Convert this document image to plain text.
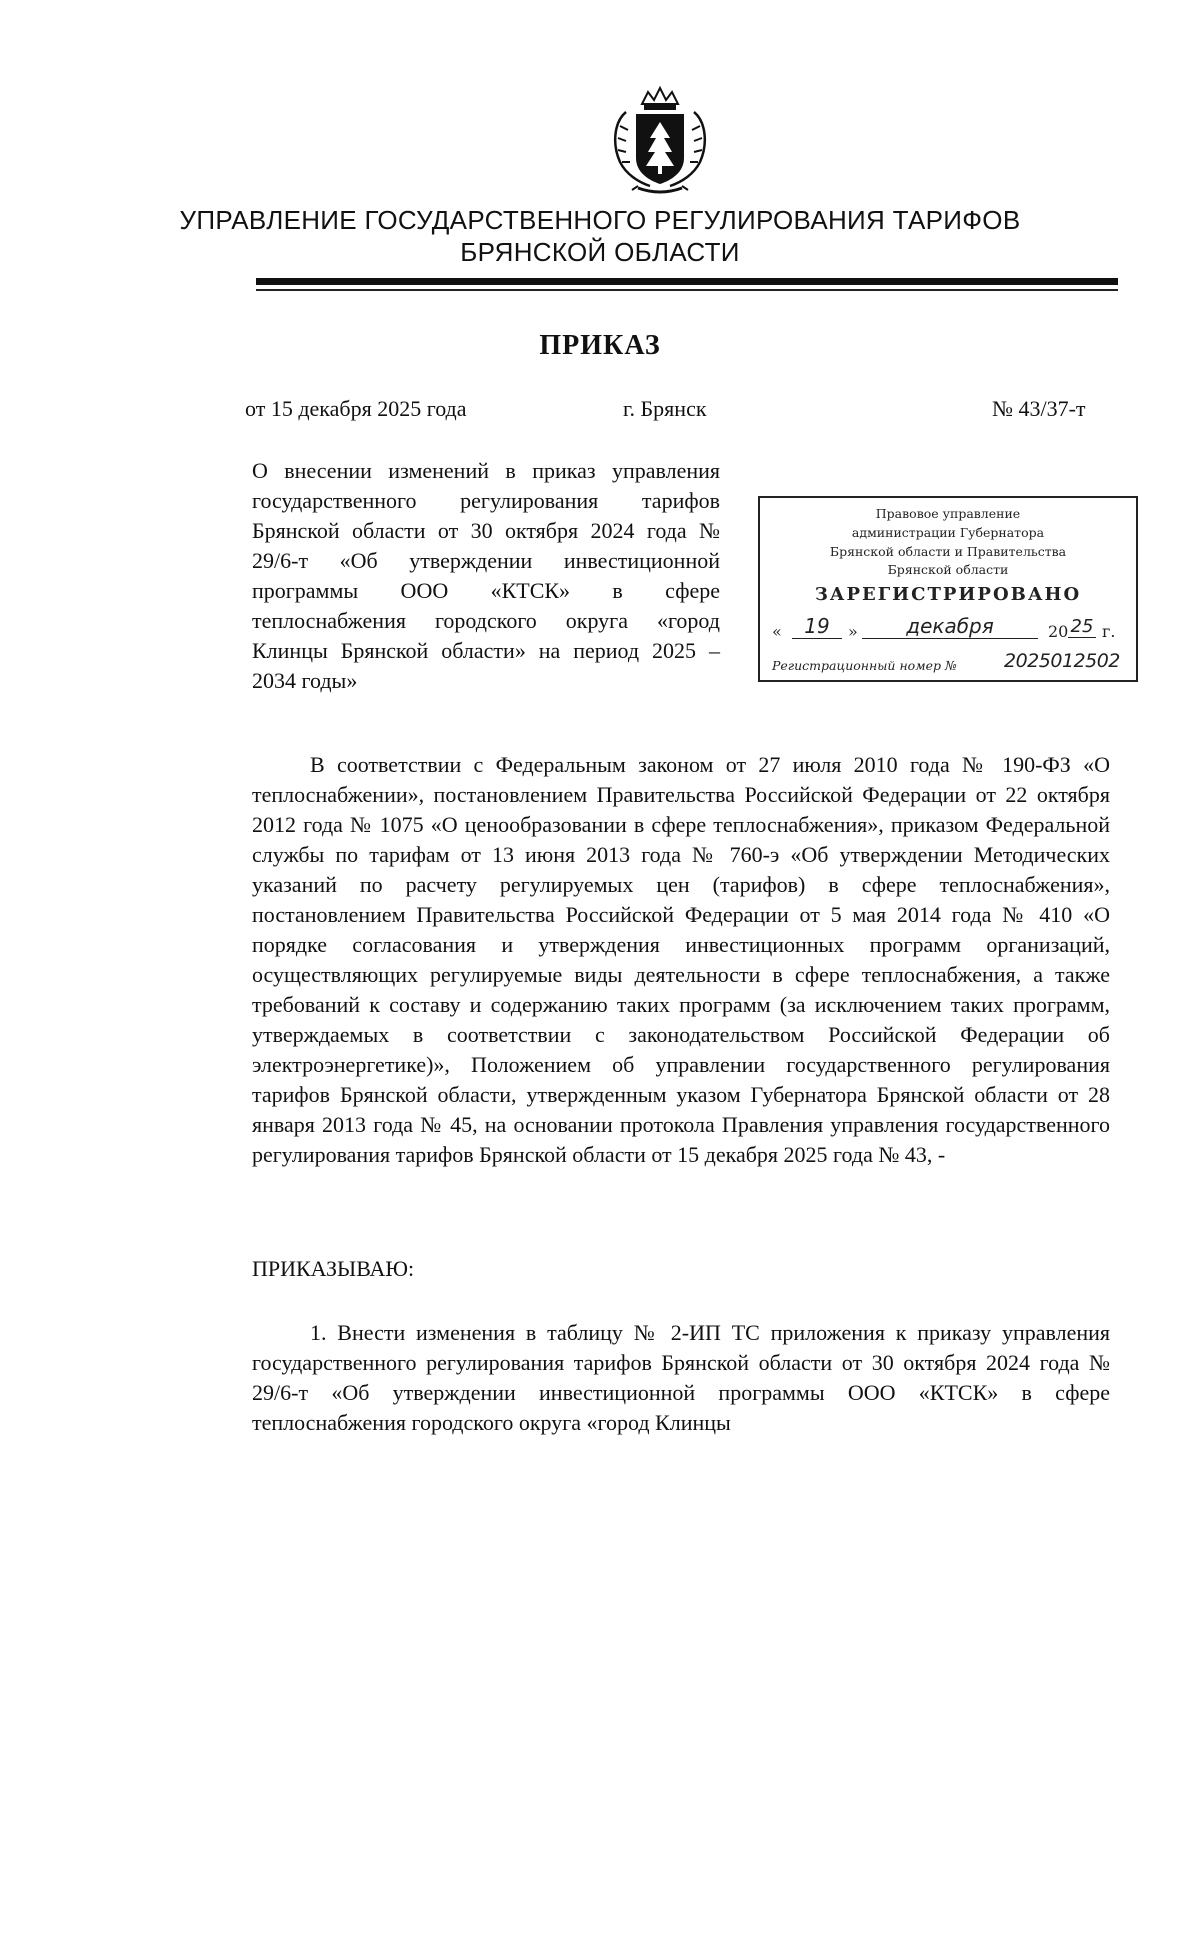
УПРАВЛЕНИЕ ГОСУДАРСТВЕННОГО РЕГУЛИРОВАНИЯ ТАРИФОВ
БРЯНСКОЙ ОБЛАСТИ
ПРИКАЗ
от 15 декабря 2025 года	г. Брянск	№ 43/37-т
О внесении изменений в приказ управления государственного регулирования тарифов Брянской области от 30 октября 2024 года № 29/6-т «Об утверждении инвестиционной программы ООО «КТСК» в сфере теплоснабжения городского округа «город Клинцы Брянской области» на период 2025 – 2034 годы»
Правовое управление
администрации Губернатора
Брянской области и Правительства
Брянской области
ЗАРЕГИСТРИРОВАНО
«	19	»	декабря	20 25 г.
Регистрационный номер № 2025012502
В соответствии с Федеральным законом от 27 июля 2010 года № 190-ФЗ «О теплоснабжении», постановлением Правительства Российской Федерации от 22 октября 2012 года № 1075 «О ценообразовании в сфере теплоснабжения», приказом Федеральной службы по тарифам от 13 июня 2013 года № 760-э «Об утверждении Методических указаний по расчету регулируемых цен (тарифов) в сфере теплоснабжения», постановлением Правительства Российской Федерации от 5 мая 2014 года № 410 «О порядке согласования и утверждения инвестиционных программ организаций, осуществляющих регулируемые виды деятельности в сфере теплоснабжения, а также требований к составу и содержанию таких программ (за исключением таких программ, утверждаемых в соответствии с законодательством Российской Федерации об электроэнергетике)», Положением об управлении государственного регулирования тарифов Брянской области, утвержденным указом Губернатора Брянской области от 28 января 2013 года № 45, на основании протокола Правления управления государственного регулирования тарифов Брянской области от 15 декабря 2025 года № 43, -
ПРИКАЗЫВАЮ:
1. Внести изменения в таблицу № 2-ИП ТС приложения к приказу управления государственного регулирования тарифов Брянской области от 30 октября 2024 года № 29/6-т «Об утверждении инвестиционной программы ООО «КТСК» в сфере теплоснабжения городского округа «город Клинцы
